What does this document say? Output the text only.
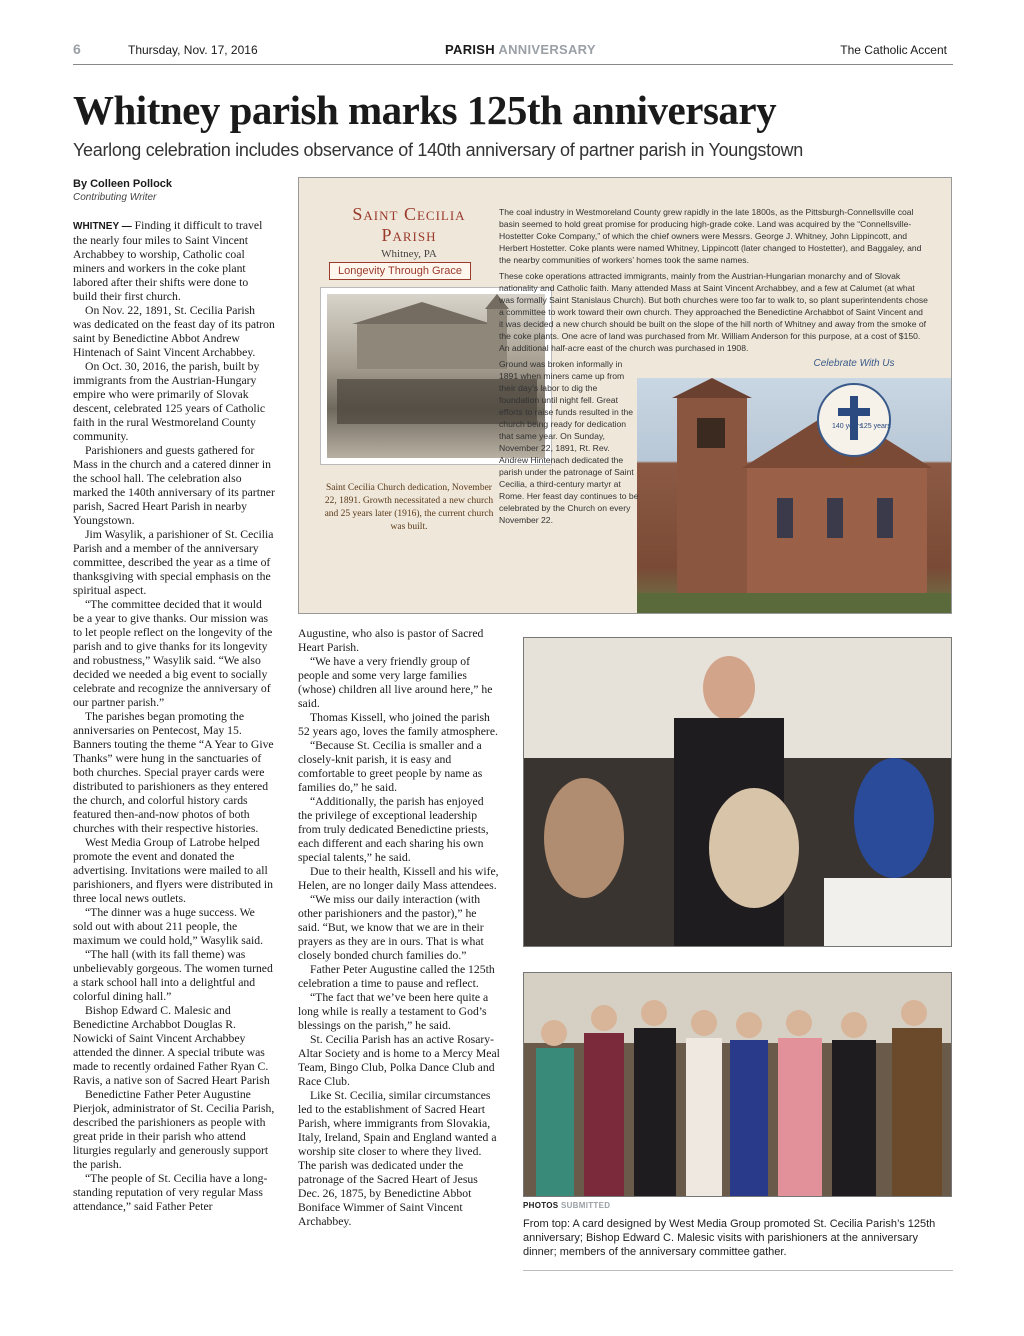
6	Thursday, Nov. 17, 2016	PARISH ANNIVERSARY	The Catholic Accent
Whitney parish marks 125th anniversary
Yearlong celebration includes observance of 140th anniversary of partner parish in Youngstown
By Colleen Pollock
Contributing Writer

WHITNEY — Finding it difficult to travel the nearly four miles to Saint Vincent Archabbey to worship, Catholic coal miners and workers in the coke plant labored after their shifts were done to build their first church.

On Nov. 22, 1891, St. Cecilia Parish was dedicated on the feast day of its patron saint by Benedictine Abbot Andrew Hintenach of Saint Vincent Archabbey.

On Oct. 30, 2016, the parish, built by immigrants from the Austrian-Hungary empire who were primarily of Slovak descent, celebrated 125 years of Catholic faith in the rural Westmoreland County community.

Parishioners and guests gathered for Mass in the church and a catered dinner in the school hall. The celebration also marked the 140th anniversary of its partner parish, Sacred Heart Parish in nearby Youngstown.

Jim Wasylik, a parishioner of St. Cecilia Parish and a member of the anniversary committee, described the year as a time of thanksgiving with special emphasis on the spiritual aspect.

“The committee decided that it would be a year to give thanks. Our mission was to let people reflect on the longevity of the parish and to give thanks for its longevity and robustness,” Wasylik said. “We also decided we needed a big event to socially celebrate and recognize the anniversary of our partner parish.”

The parishes began promoting the anniversaries on Pentecost, May 15. Banners touting the theme “A Year to Give Thanks” were hung in the sanctuaries of both churches. Special prayer cards were distributed to parishioners as they entered the church, and colorful history cards featured then-and-now photos of both churches with their respective histories.

West Media Group of Latrobe helped promote the event and donated the advertising. Invitations were mailed to all parishioners, and flyers were distributed in three local news outlets.

“The dinner was a huge success. We sold out with about 211 people, the maximum we could hold,” Wasylik said.

“The hall (with its fall theme) was unbelievably gorgeous. The women turned a stark school hall into a delightful and colorful dining hall.”

Bishop Edward C. Malesic and Benedictine Archabbot Douglas R. Nowicki of Saint Vincent Archabbey attended the dinner. A special tribute was made to recently ordained Father Ryan C. Ravis, a native son of Sacred Heart Parish

Benedictine Father Peter Augustine Pierjok, administrator of St. Cecilia Parish, described the parishioners as people with great pride in their parish who attend liturgies regularly and generously support the parish.

“The people of St. Cecilia have a long-standing reputation of very regular Mass attendance,” said Father Peter

Saint Cecilia
Parish
Whitney, PA
Longevity Through Grace
Saint Cecilia Church dedication, November 22, 1891. Growth necessitated a new church and 25 years later (1916), the current church was built.

The coal industry in Westmoreland County grew rapidly in the late 1800s, as the Pittsburgh-Connellsville coal basin seemed to hold great promise for producing high-grade coke. Land was acquired by the “Connellsville-Hostetter Coke Company,” of which the chief owners were Messrs. George J. Whitney, John Lippincott, and Herbert Hostetter. Coke plants were named Whitney, Lippincott (later changed to Hostetter), and Baggaley, and the nearby communities of workers’ homes took the same names.

These coke operations attracted immigrants, mainly from the Austrian-Hungarian monarchy and of Slovak nationality and Catholic faith. Many attended Mass at Saint Vincent Archabbey, and a few at Calumet (at what was formally Saint Stanislaus Church). But both churches were too far to walk to, so plant superintendents chose a committee to work toward their own church. They approached the Benedictine Archabbot of Saint Vincent and it was decided a new church should be built on the slope of the hill north of Whitney and away from the smoke of the coke plants. One acre of land was purchased from Mr. William Anderson for this purpose, at a cost of $150. An additional half-acre east of the church was purchased in 1908.

Ground was broken informally in 1891 when miners came up from their day’s labor to dig the foundation until night fell. Great efforts to raise funds resulted in the church being ready for dedication that same year. On Sunday, November 22, 1891, Rt. Rev. Andrew Hintenach dedicated the parish under the patronage of Saint Cecilia, a third-century martyr at Rome. Her feast day continues to be celebrated by the Church on every November 22.

Celebrate With Us
140 years
125 years
2016

Augustine, who also is pastor of Sacred Heart Parish.

“We have a very friendly group of people and some very large families (whose) children all live around here,” he said.

Thomas Kissell, who joined the parish 52 years ago, loves the family atmosphere.

“Because St. Cecilia is smaller and a closely-knit parish, it is easy and comfortable to greet people by name as families do,” he said.

“Additionally, the parish has enjoyed the privilege of exceptional leadership from truly dedicated Benedictine priests, each different and each sharing his own special talents,” he said.

Due to their health, Kissell and his wife, Helen, are no longer daily Mass attendees.

“We miss our daily interaction (with other parishioners and the pastor),” he said. “But, we know that we are in their prayers as they are in ours. That is what closely bonded church families do.”

Father Peter Augustine called the 125th celebration a time to pause and reflect.

“The fact that we’ve been here quite a long while is really a testament to God’s blessings on the parish,” he said.

St. Cecilia Parish has an active Rosary-Altar Society and is home to a Mercy Meal Team, Bingo Club, Polka Dance Club and Race Club.

Like St. Cecilia, similar circumstances led to the establishment of Sacred Heart Parish, where immigrants from Slovakia, Italy, Ireland, Spain and England wanted a worship site closer to where they lived. The parish was dedicated under the patronage of the Sacred Heart of Jesus Dec. 26, 1875, by Benedictine Abbot Boniface Wimmer of Saint Vincent Archabbey.

PHOTOS SUBMITTED
From top: A card designed by West Media Group promoted St. Cecilia Parish’s 125th anniversary; Bishop Edward C. Malesic visits with parishioners at the anniversary dinner; members of the anniversary committee gather.
